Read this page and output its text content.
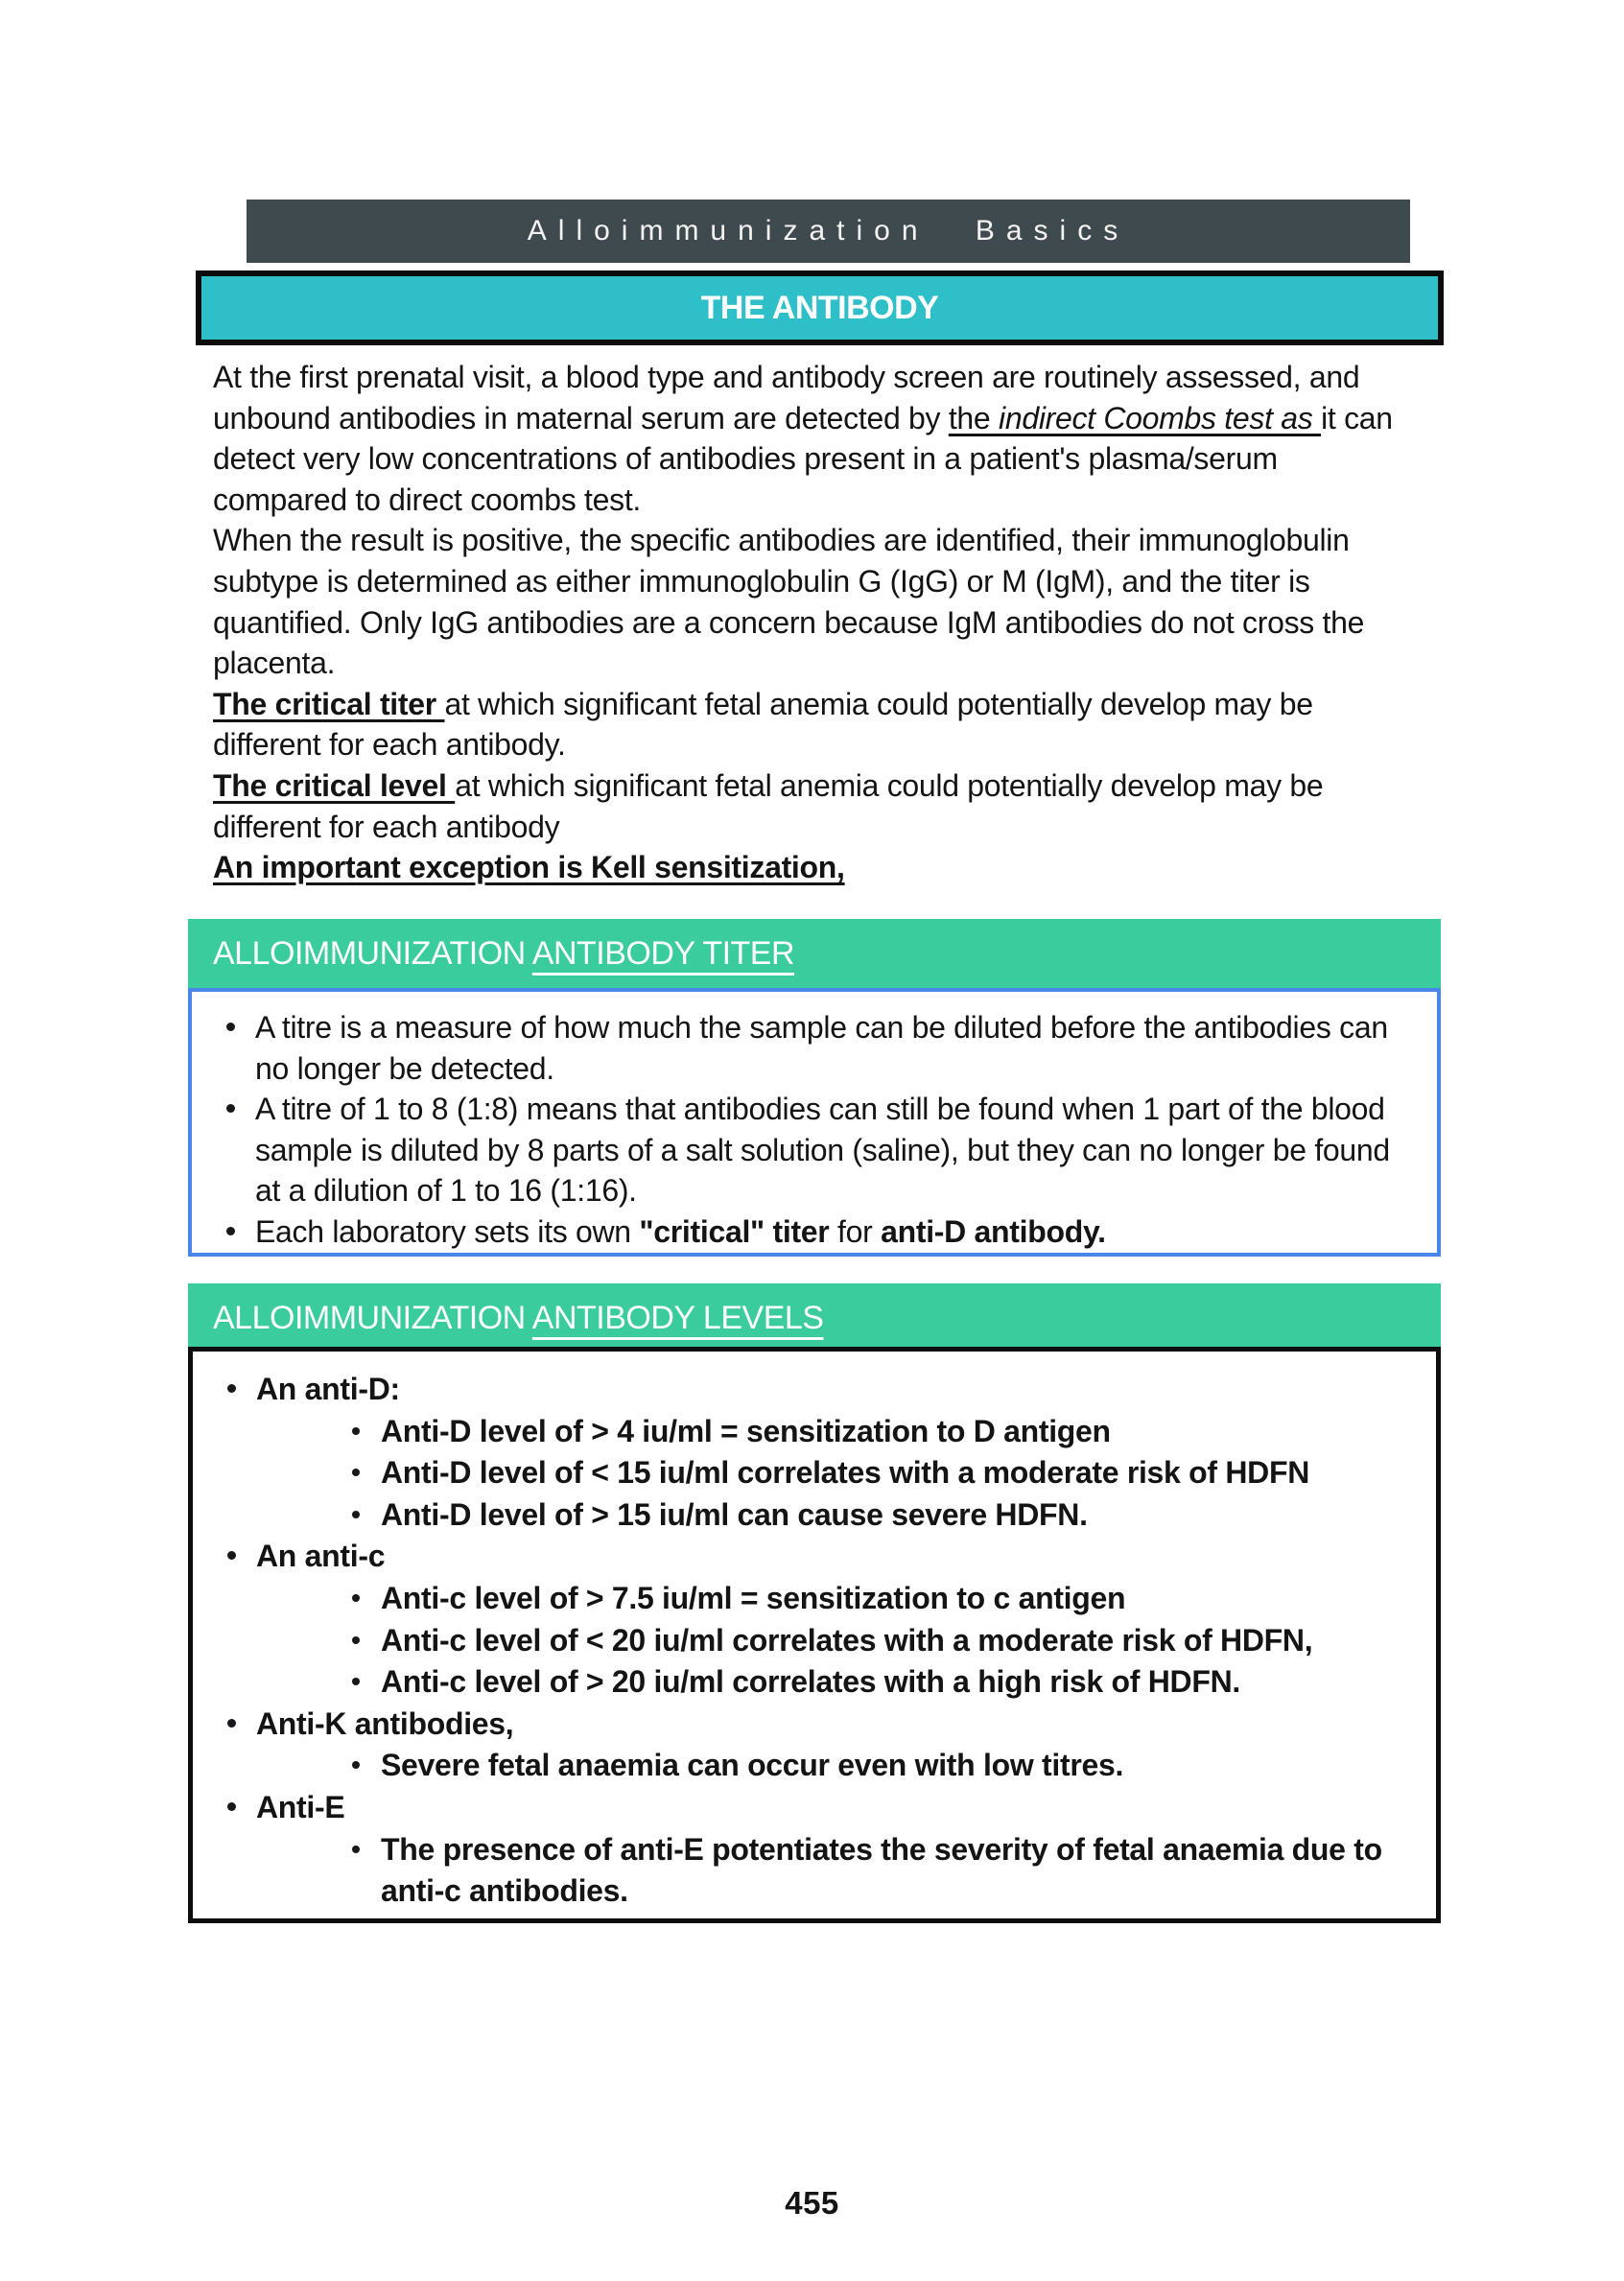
Alloimmunization Basics
THE ANTIBODY

At the first prenatal visit, a blood type and antibody screen are routinely assessed, and unbound antibodies in maternal serum are detected by the indirect Coombs test as it can detect very low concentrations of antibodies present in a patient's plasma/serum compared to direct coombs test.

When the result is positive, the specific antibodies are identified, their immunoglobulin subtype is determined as either immunoglobulin G (IgG) or M (IgM), and the titer is quantified. Only IgG antibodies are a concern because IgM antibodies do not cross the placenta.

The critical titer at which significant fetal anemia could potentially develop may be different for each antibody.

The critical level at which significant fetal anemia could potentially develop may be different for each antibody

An important exception is Kell sensitization,

ALLOIMMUNIZATION ANTIBODY TITER
A titre is a measure of how much the sample can be diluted before the antibodies can no longer be detected.
A titre of 1 to 8 (1:8) means that antibodies can still be found when 1 part of the blood sample is diluted by 8 parts of a salt solution (saline), but they can no longer be found at a dilution of 1 to 16 (1:16).
Each laboratory sets its own "critical" titer for anti-D antibody.
ALLOIMMUNIZATION ANTIBODY LEVELS
An anti-D:
Anti-D level of > 4 iu/ml = sensitization to D antigen
Anti-D level of < 15 iu/ml correlates with a moderate risk of HDFN
Anti-D level of > 15 iu/ml can cause severe HDFN.
An anti-c
Anti-c level of > 7.5 iu/ml = sensitization to c antigen
Anti-c level of < 20 iu/ml correlates with a moderate risk of HDFN,
Anti-c level of > 20 iu/ml correlates with a high risk of HDFN.
Anti-K antibodies,
Severe fetal anaemia can occur even with low titres.
Anti-E
The presence of anti-E potentiates the severity of fetal anaemia due to anti-c antibodies.
455
